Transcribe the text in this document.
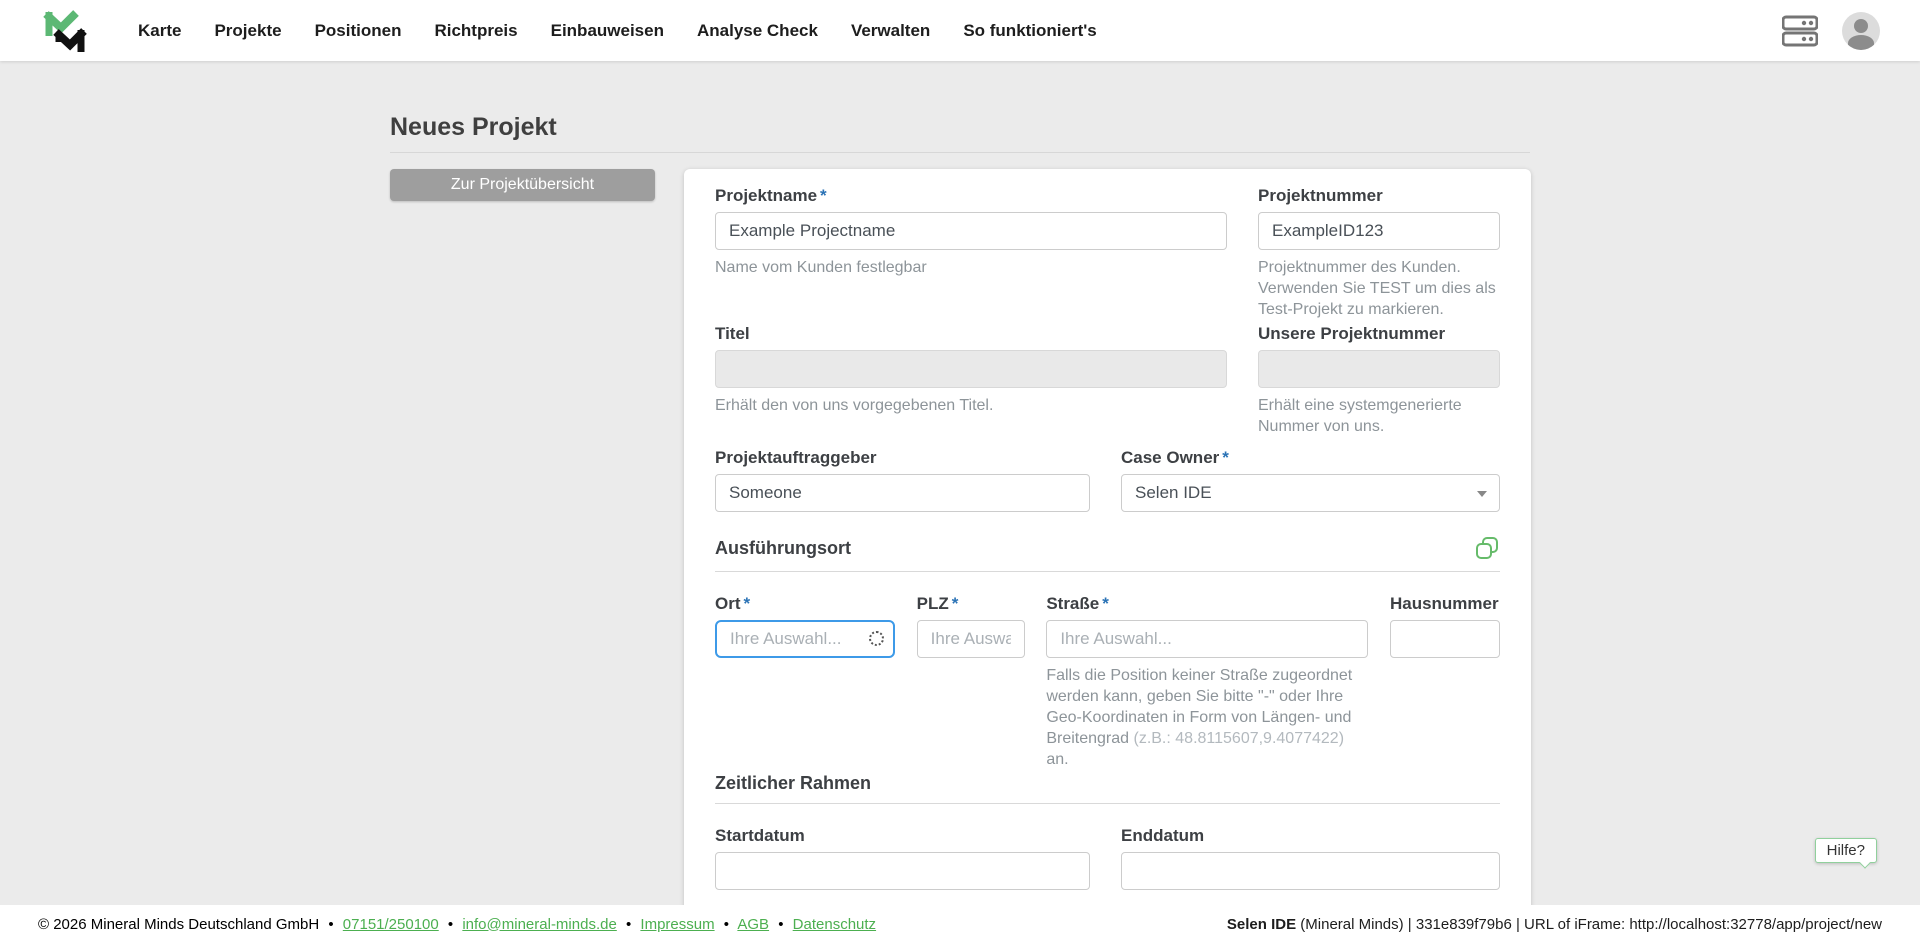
Karte Projekte Positionen Richtpreis Einbauweisen Analyse Check Verwalten So funktioniert's
Neues Projekt
Zur Projektübersicht
Projektname *
Example Projectname
Name vom Kunden festlegbar
Projektnummer
ExampleID123
Projektnummer des Kunden. Verwenden Sie TEST um dies als Test-Projekt zu markieren.
Titel
Erhält den von uns vorgegebenen Titel.
Unsere Projektnummer
Erhält eine systemgenerierte Nummer von uns.
Projektauftraggeber
Someone	Case Owner *
Selen IDE
Ausführungsort
Ort *
Ihre Auswahl...	PLZ *
Ihre Auswahl...	Straße *
Ihre Auswahl...
Falls die Position keiner Straße zugeordnet werden kann, geben Sie bitte "-" oder Ihre Geo-Koordinaten in Form von Längen- und Breitengrad (z.B.: 48.8115607,9.4077422) an.
Hausnummer
Zeitlicher Rahmen
Startdatum	Enddatum
Hilfe?
© 2026 Mineral Minds Deutschland GmbH • 07151/250100 • info@mineral-minds.de • Impressum • AGB • Datenschutz	Selen IDE (Mineral Minds) | 331e839f79b6 | URL of iFrame: http://localhost:32778/app/project/new
